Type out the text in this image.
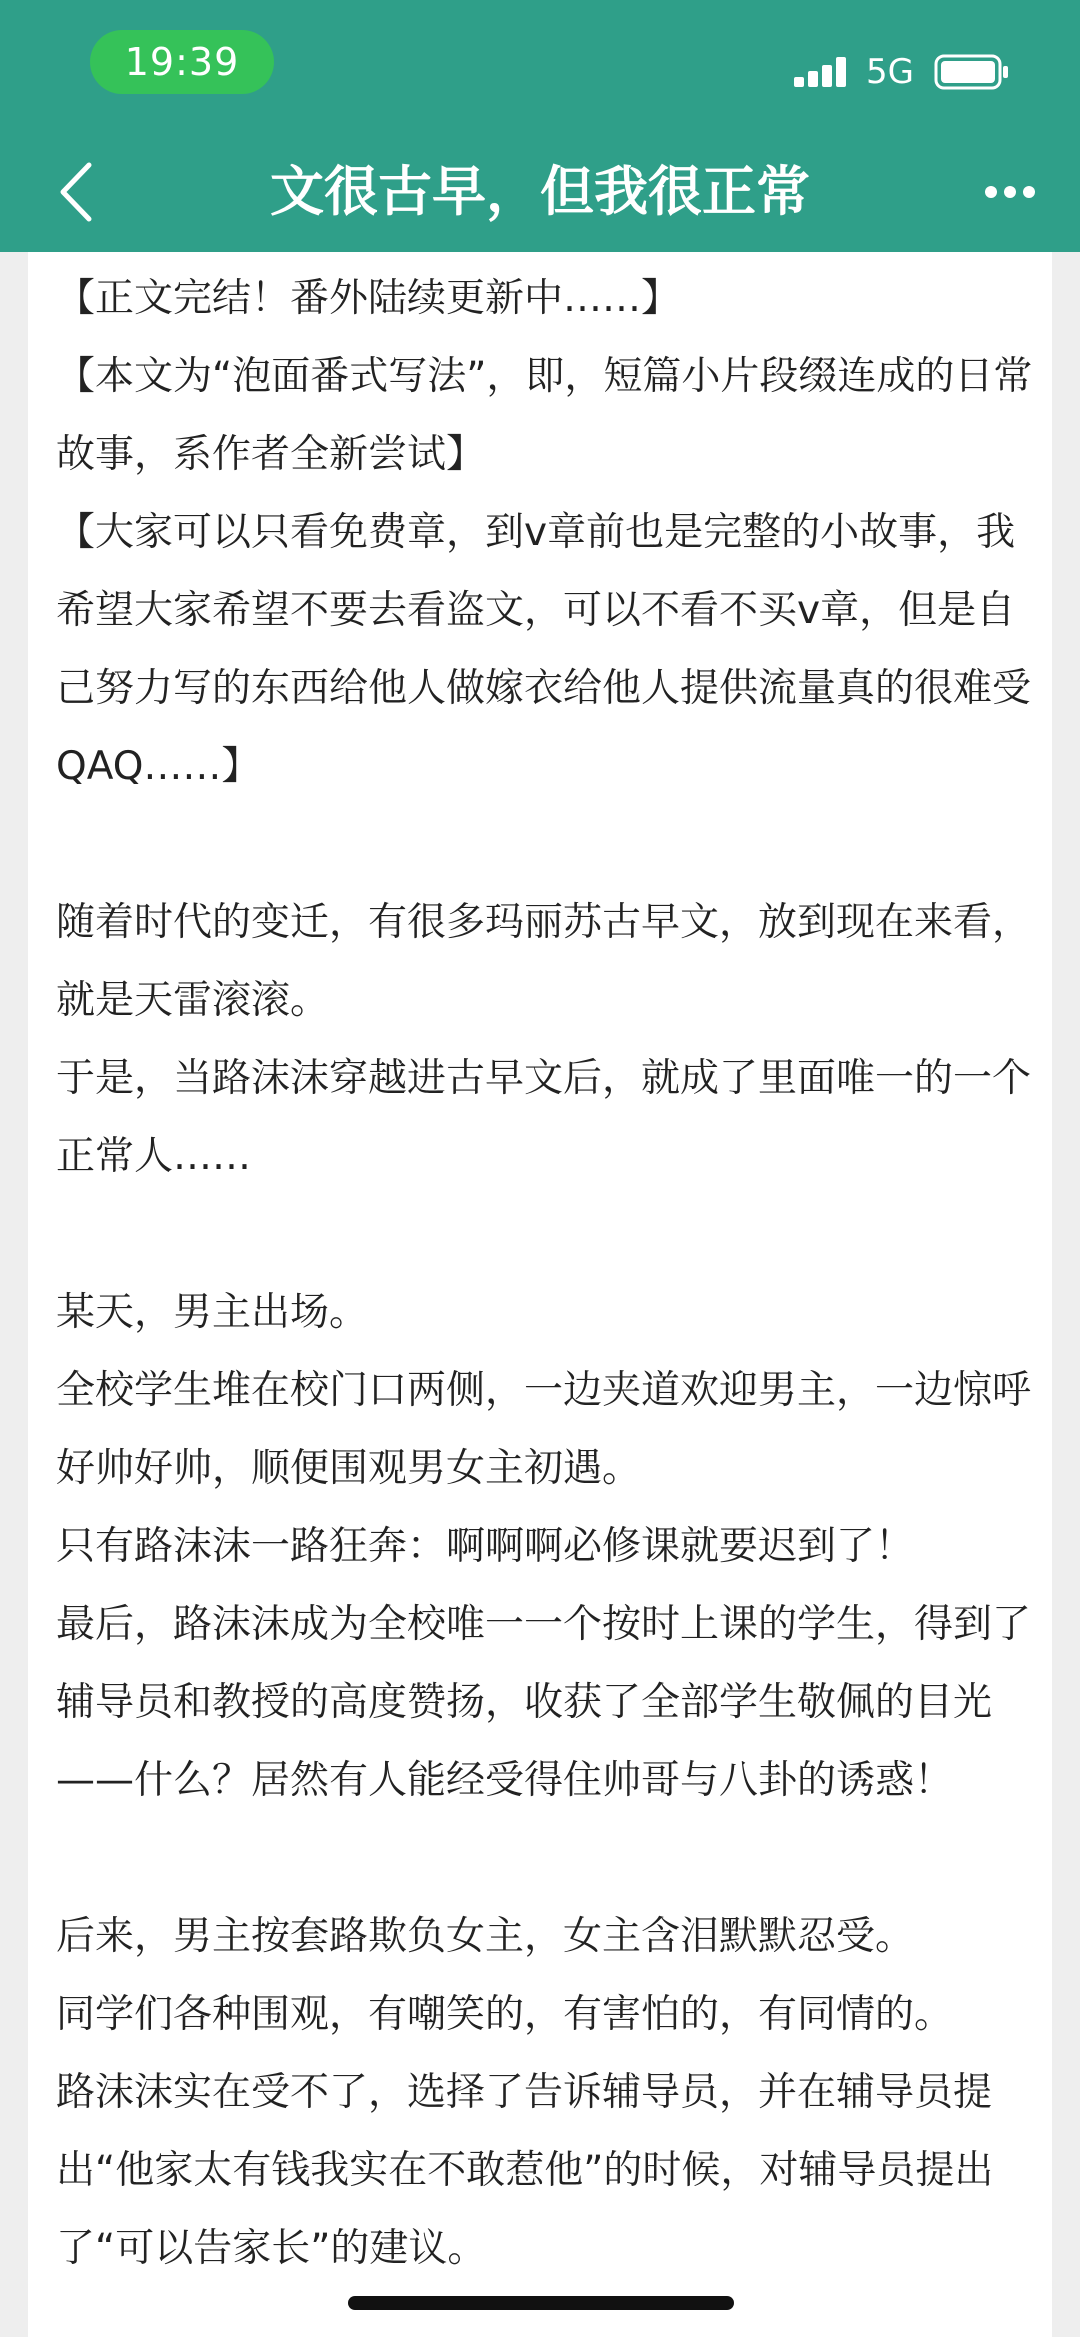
19:39	5G
文很古早，但我很正常

【正文完结！番外陆续更新中……】

【本文为“泡面番式写法”，即，短篇小片段缀连成的日常故事，系作者全新尝试】

【大家可以只看免费章，到v章前也是完整的小故事，我希望大家希望不要去看盗文，可以不看不买v章，但是自己努力写的东西给他人做嫁衣给他人提供流量真的很难受QAQ……】

随着时代的变迁，有很多玛丽苏古早文，放到现在来看，就是天雷滚滚。

于是，当路沫沫穿越进古早文后，就成了里面唯一的一个正常人……

某天，男主出场。

全校学生堆在校门口两侧，一边夹道欢迎男主，一边惊呼好帅好帅，顺便围观男女主初遇。

只有路沫沫一路狂奔：啊啊啊必修课就要迟到了！

最后，路沫沫成为全校唯一一个按时上课的学生，得到了辅导员和教授的高度赞扬，收获了全部学生敬佩的目光——什么？居然有人能经受得住帅哥与八卦的诱惑！

后来，男主按套路欺负女主，女主含泪默默忍受。

同学们各种围观，有嘲笑的，有害怕的，有同情的。

路沫沫实在受不了，选择了告诉辅导员，并在辅导员提出“他家太有钱我实在不敢惹他”的时候，对辅导员提出了“可以告家长”的建议。
